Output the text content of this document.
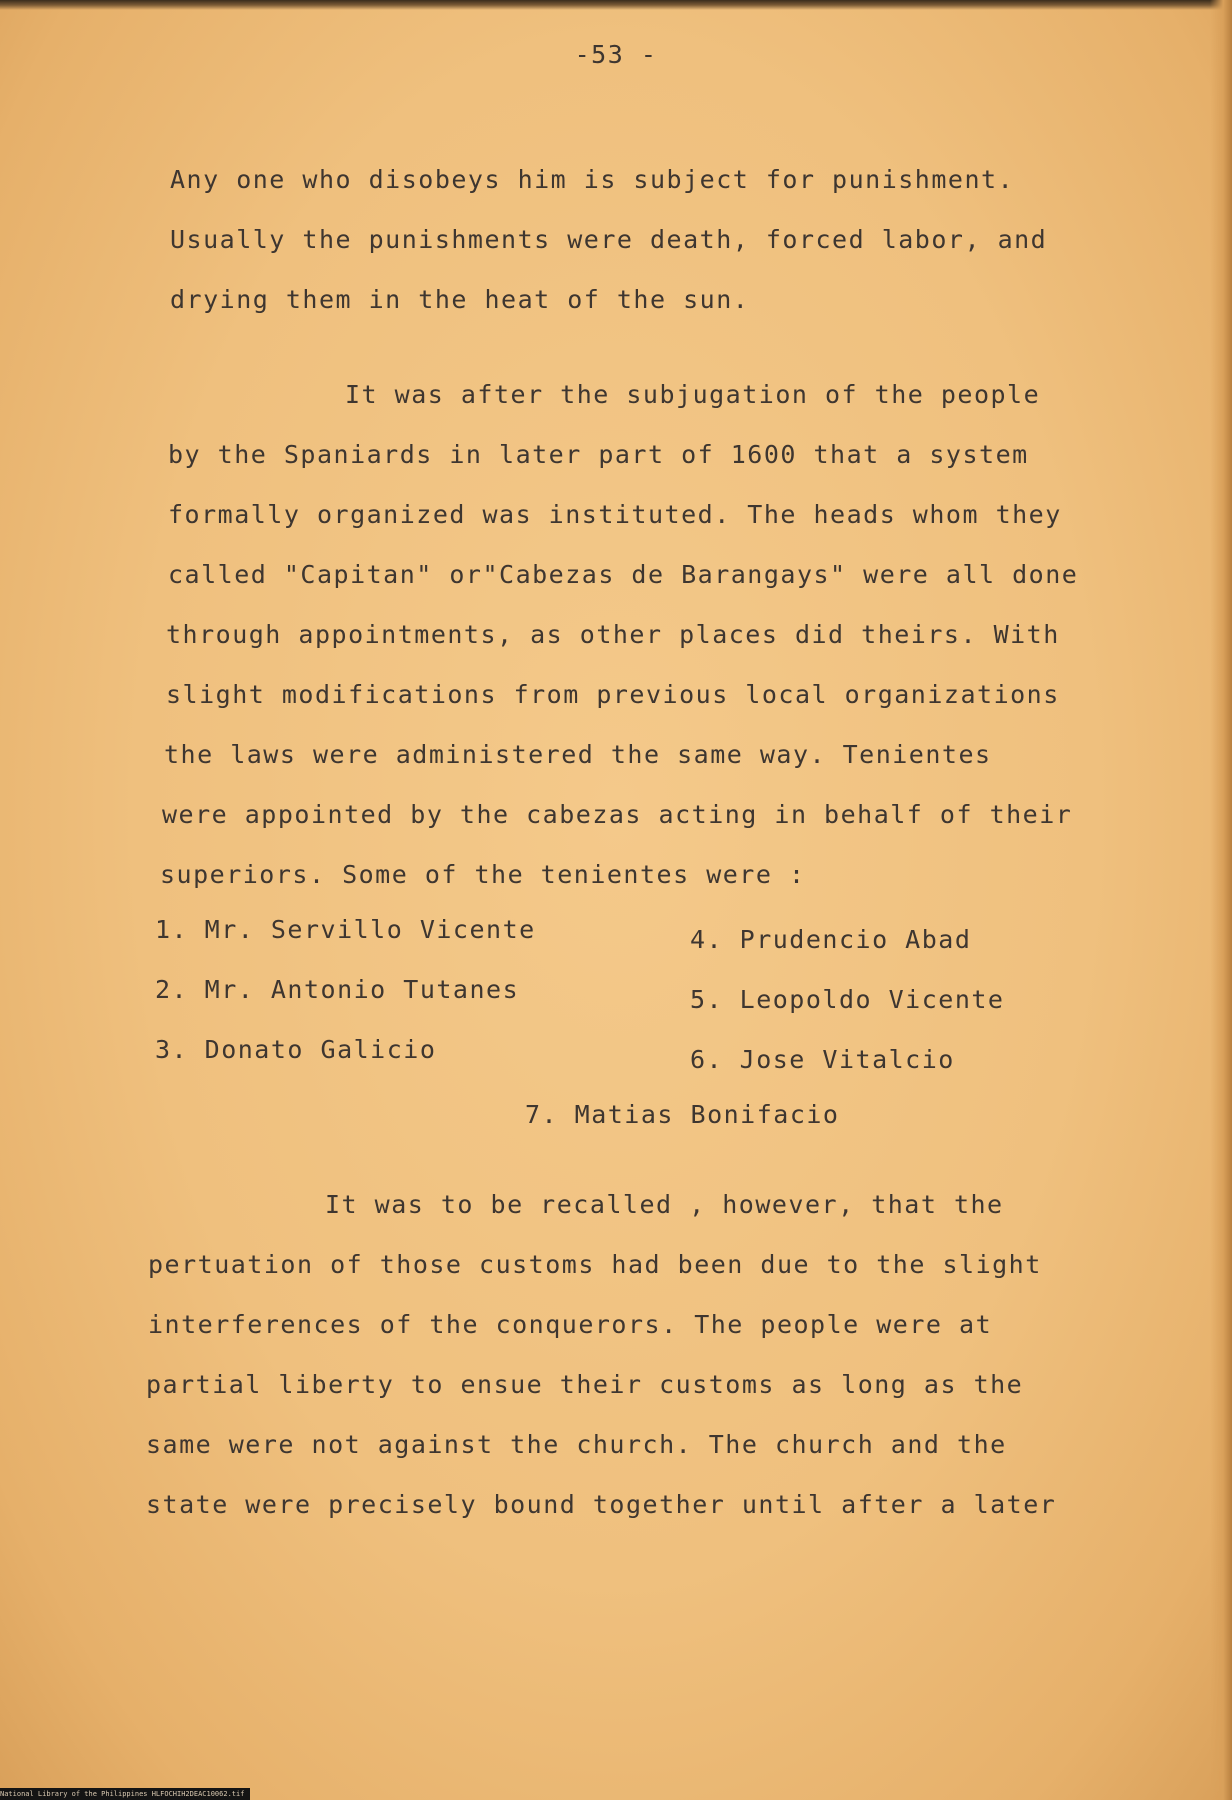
-53 -
Any one who disobeys him is subject for punishment.
Usually the punishments were death, forced labor, and
drying them in the heat of the sun.
It was after the subjugation of the people
by the Spaniards in later part of 1600 that a system
formally organized was instituted. The heads whom they
called "Capitan" or"Cabezas de Barangays" were all done
through appointments, as other places did theirs. With
slight modifications from previous local organizations
the laws were administered the same way. Tenientes
were appointed by the cabezas acting in behalf of their
superiors. Some of the tenientes were :
1. Mr. Servillo Vicente
2. Mr. Antonio Tutanes
3. Donato Galicio
4. Prudencio Abad
5. Leopoldo Vicente
6. Jose Vitalcio
7. Matias Bonifacio
It was to be recalled , however, that the
pertuation of those customs had been due to the slight
interferences of the conquerors. The people were at
partial liberty to ensue their customs as long as the
same were not against the church. The church and the
state were precisely bound together until after a later
National Library of the Philippines HLFOCHIH2DEAC10062.tif
